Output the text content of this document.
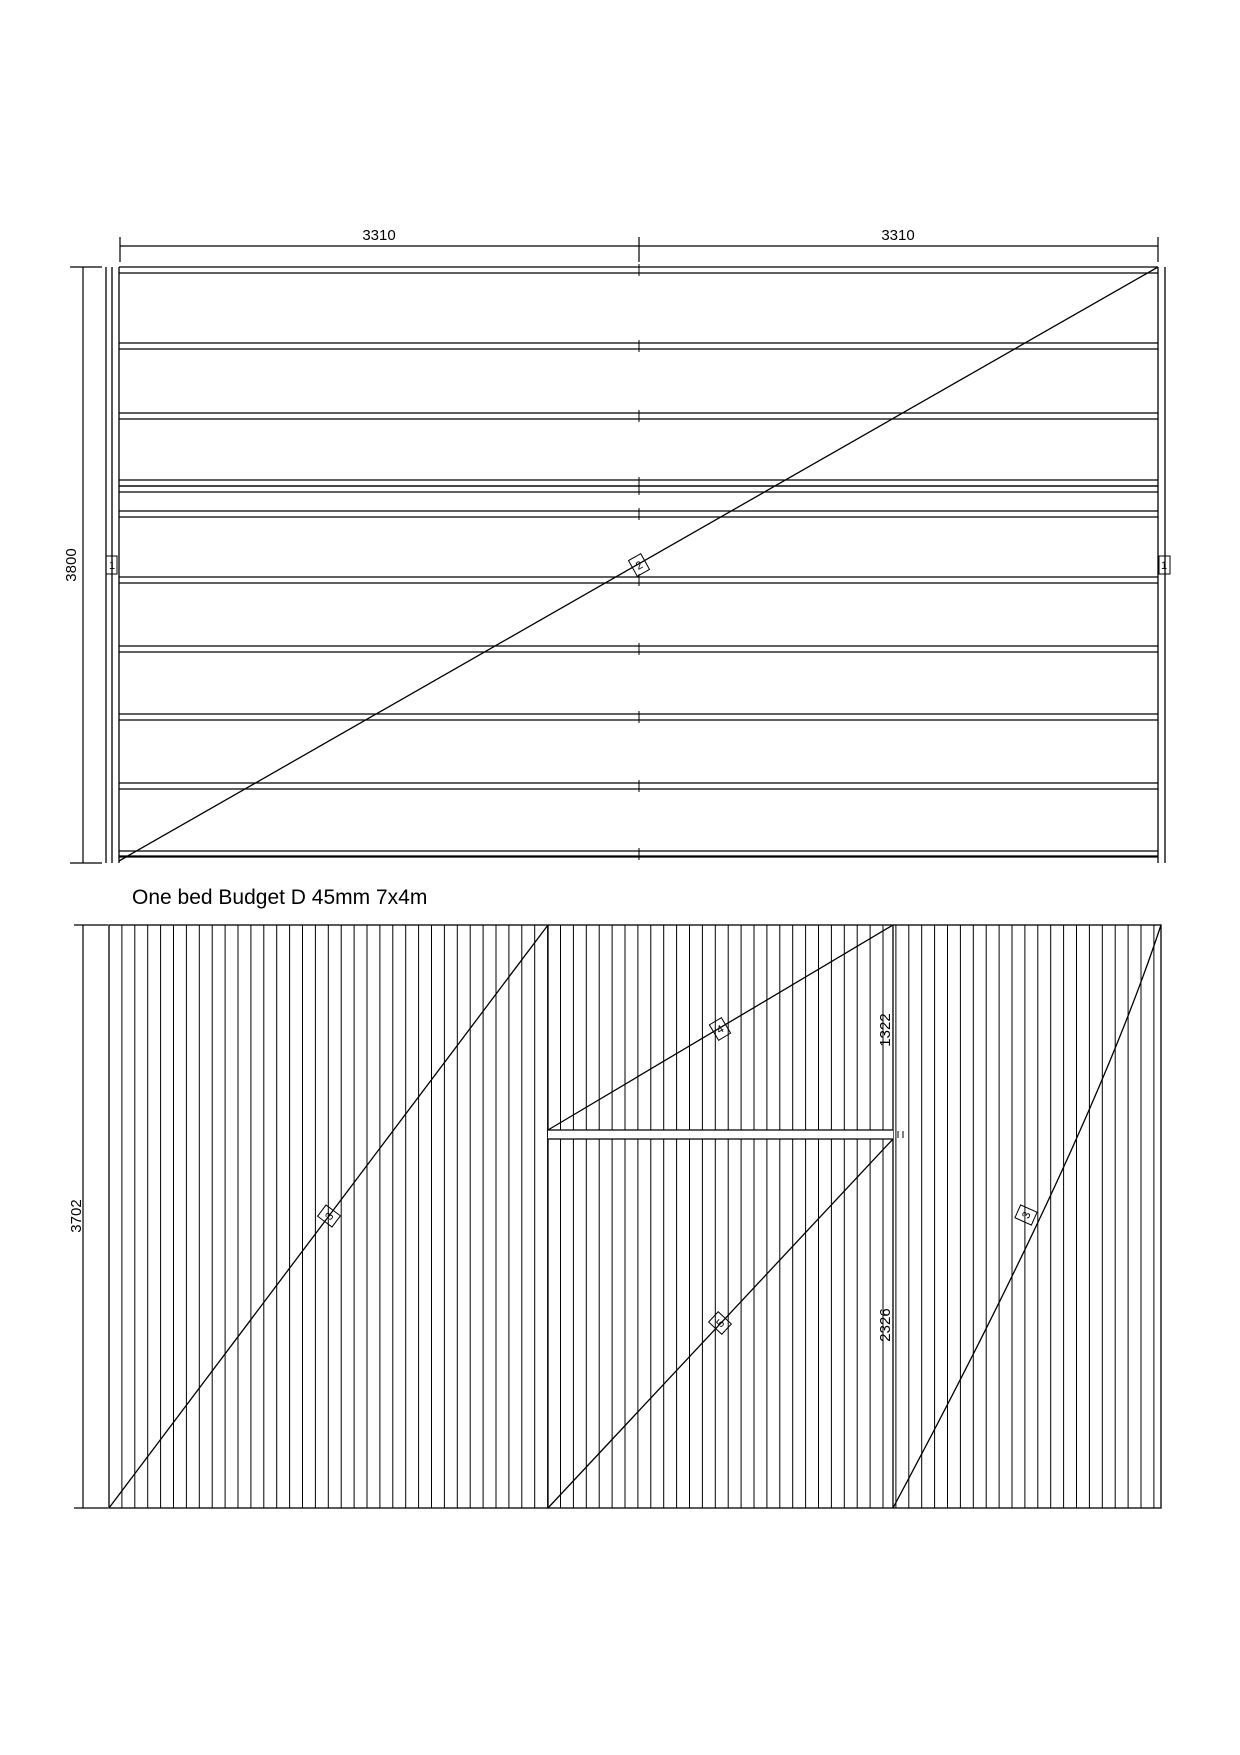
3310	3310
3800	1	1
2
One bed Budget D 45mm 7x4m
3702
1322
2326
3
4
5
3
